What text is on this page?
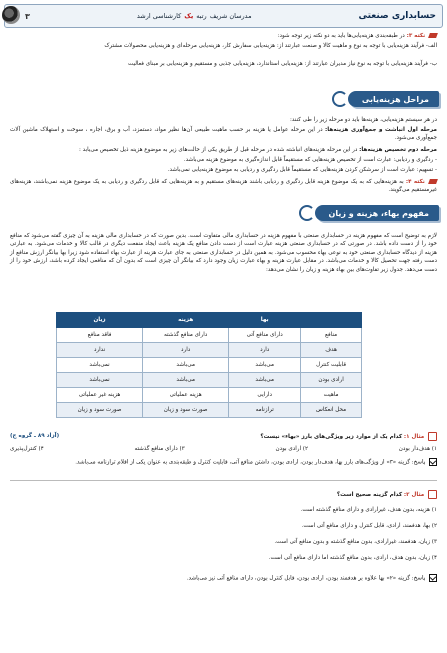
حسابداری صنعتی
مدرسان شریف
رتبه
یک
کارشناسی ارشد
۳
نکته ۳: در طبقه‌بندی هزینه‌یابی‌ها باید به دو نکته زیر توجه شود:
الف- فرآیند هزینه‌یابی با توجه به نوع و ماهیت کالا و صنعت عبارتند از: هزینه‌یابی سفارش کار، هزینه‌یابی مرحله‌ای و هزینه‌یابی محصولات مشترک
ب- فرآیند هزینه‌یابی با توجه به نوع نیاز مدیران عبارتند از: هزینه‌یابی استاندارد، هزینه‌یابی جذبی و مستقیم و هزینه‌یابی بر مبنای فعالیت
مراحل هزینه‌یابی
در هر سیستم هزینه‌یابی، هزینه‌ها باید دو مرحله زیر را طی کنند:
مرحله اول انباشت و جمع‌آوری هزینه‌ها: در این مرحله عوامل یا هزینه بر حسب ماهیت طبیعی آن‌ها نظیر مواد، دستمزد، آب و برق، اجاره ، سوخت و استهلاک ماشین آلات جمع‌آوری می‌شود.
مرحله دوم تخصیص هزینه‌ها: در این مرحله هزینه‌های انباشته شده در مرحله قبل از طریق یکی از حالت‌های زیر به موضوع هزینه ذیل تخصیص می‌یابد :
- ردگیری و ردیابی: عبارت است از تخصیص هزینه‌هایی که مستقیماً قابل اندازه‌گیری به موضوع هزینه می‌باشد.
- تسهیم: عبارت است از سرشکن کردن هزینه‌هایی که مستقیماً قابل ردگیری و ردیابی به موضوع هزینه‌یابی نمی‌باشد.
نکته ۴: به هزینه‌هایی که به یک موضوع هزینه قابل ردگیری و ردیابی باشند هزینه‌های مستقیم و به هزینه‌هایی که قابل ردگیری و ردیابی به یک موضوع هزینه نمی‌باشند، هزینه‌های غیرمستقیم می‌گویند.
مفهوم بهاء، هزینه و زیان
لازم به توضیح است که مفهوم هزینه در حسابداری صنعتی با مفهوم هزینه در حسابداری مالی متفاوت است. بدین صورت که در حسابداری مالی هزینه به آن چیزی گفته می‌شود که منافع خود را از دست داده باشد. در صورتی که در حسابداری صنعتی هزینه عبارت است از دست دادن منافع یک هزینه باعث ایجاد منفعت دیگری در قالب کالا و خدمات می‌شود. به عبارتی هزینه از دیدگاه حسابداری صنعتی خود به نوعی بهاء محسوب می‌شود. به همین دلیل در حسابداری صنعتی به جای عبارت هزینه از عبارت بهاء استفاده شود زیرا بها بیانگر ارزش منافع از دست رفته جهت تحصیل کالا و خدمات می‌باشد. در مقابل عبارت هزینه و بهاء عبارت زیان وجود دارد که بیانگر آن چیزی است که بدون آن که منافعی ایجاد کرده باشد، ارزش خود را از دست می‌دهد. جدول زیر تفاوت‌های بین بهاء هزینه و زیان را نشان می‌دهد:
	بها	هزینه	زیان
منافع	دارای منافع آتی	دارای منافع گذشته	فاقد منافع
هدف	دارد	دارد	ندارد
قابلیت کنترل	می‌باشد	می‌باشد	نمی‌باشد
ارادی بودن	می‌باشد	می‌باشد	نمی‌باشد
ماهیت	دارایی	هزینه عملیاتی	هزینه غیر عملیاتی
محل انعکاس	ترازنامه	صورت سود و زیان	صورت سود و زیان
مثال ۱: کدام یک از موارد زیر ویژگی‌های بارز «بهاء» نیست؟
(آزاد ۸۹ ـ گروه ج)
۱) هدف‌دار بودن
۲) ارادی بودن
۳) دارای منافع گذشته
۴) کنترل‌پذیری
پاسخ: گزینه «۳» از ویژگی‌های بارز بها، هدف‌دار بودن، ارادی بودن، داشتن منافع آتی، قابلیت کنترل و طبقه‌بندی به عنوان یکی از اقلام ترازنامه می‌باشد.
مثال ۲: کدام گزینه صحیح است؟
۱) هزینه، بدون هدف، غیرارادی و دارای منافع گذشته است.
۲) بها، هدفمند، ارادی، قابل کنترل و دارای منافع آتی است.
۳) زیان، هدفمند، غیرارادی، بدون منافع گذشته و بدون منافع آتی است.
۴) زیان، بدون هدف، ارادی، بدون منافع گذشته اما دارای منافع آتی است.
پاسخ: گزینه «۲» بها علاوه بر هدفمند بودن، ارادی بودن، قابل کنترل بودن، دارای منافع آتی نیز می‌باشد.
